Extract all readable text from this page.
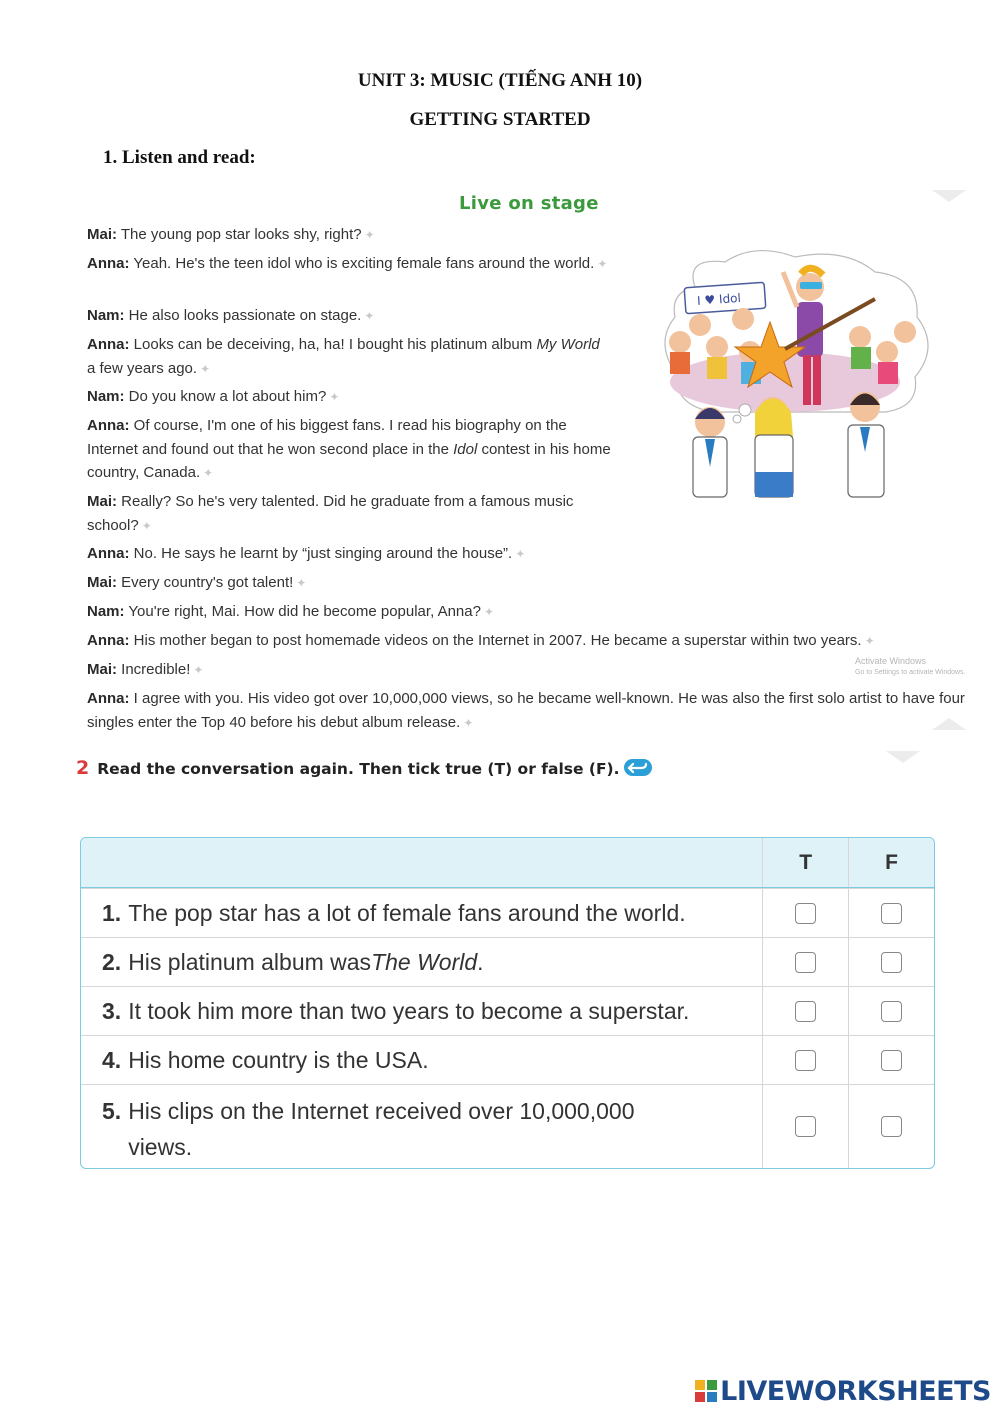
UNIT 3: MUSIC (TIẾNG ANH 10)
GETTING STARTED
1. Listen and read:
Live on stage
Mai: The young pop star looks shy, right? ✦
Anna: Yeah. He's the teen idol who is exciting female fans around the world. ✦
Nam: He also looks passionate on stage. ✦
Anna: Looks can be deceiving, ha, ha! I bought his platinum album My World a few years ago. ✦
Nam: Do you know a lot about him? ✦
Anna: Of course, I'm one of his biggest fans. I read his biography on the Internet and found out that he won second place in the Idol contest in his home country, Canada. ✦
Mai: Really? So he's very talented. Did he graduate from a famous music school? ✦
Anna: No. He says he learnt by “just singing around the house”. ✦
Mai: Every country's got talent! ✦
Nam: You're right, Mai. How did he become popular, Anna? ✦
Anna: His mother began to post homemade videos on the Internet in 2007. He became a superstar within two years. ✦
Mai: Incredible! ✦
Anna: I agree with you. His video got over 10,000,000 views, so he became well-known. He was also the first solo artist to have four singles enter the Top 40 before his debut album release. ✦
I ♥ Idol
Activate Windows
Go to Settings to activate Windows.
2 Read the conversation again. Then tick true (T) or false (F).
T	F
1. The pop star has a lot of female fans around the world.
2. His platinum album was The World .
3. It took him more than two years to become a superstar.
4. His home country is the USA.
5. His clips on the Internet received over 10,000,000 views.
LIVEWORKSHEETS
